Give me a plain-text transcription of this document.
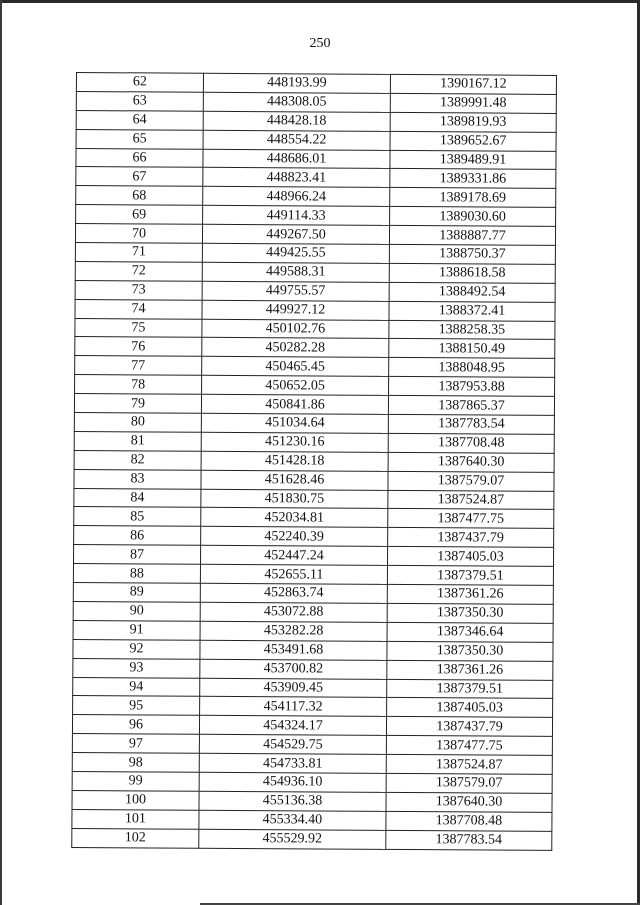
250
62	448193.99	1390167.12
63	448308.05	1389991.48
64	448428.18	1389819.93
65	448554.22	1389652.67
66	448686.01	1389489.91
67	448823.41	1389331.86
68	448966.24	1389178.69
69	449114.33	1389030.60
70	449267.50	1388887.77
71	449425.55	1388750.37
72	449588.31	1388618.58
73	449755.57	1388492.54
74	449927.12	1388372.41
75	450102.76	1388258.35
76	450282.28	1388150.49
77	450465.45	1388048.95
78	450652.05	1387953.88
79	450841.86	1387865.37
80	451034.64	1387783.54
81	451230.16	1387708.48
82	451428.18	1387640.30
83	451628.46	1387579.07
84	451830.75	1387524.87
85	452034.81	1387477.75
86	452240.39	1387437.79
87	452447.24	1387405.03
88	452655.11	1387379.51
89	452863.74	1387361.26
90	453072.88	1387350.30
91	453282.28	1387346.64
92	453491.68	1387350.30
93	453700.82	1387361.26
94	453909.45	1387379.51
95	454117.32	1387405.03
96	454324.17	1387437.79
97	454529.75	1387477.75
98	454733.81	1387524.87
99	454936.10	1387579.07
100	455136.38	1387640.30
101	455334.40	1387708.48
102	455529.92	1387783.54
